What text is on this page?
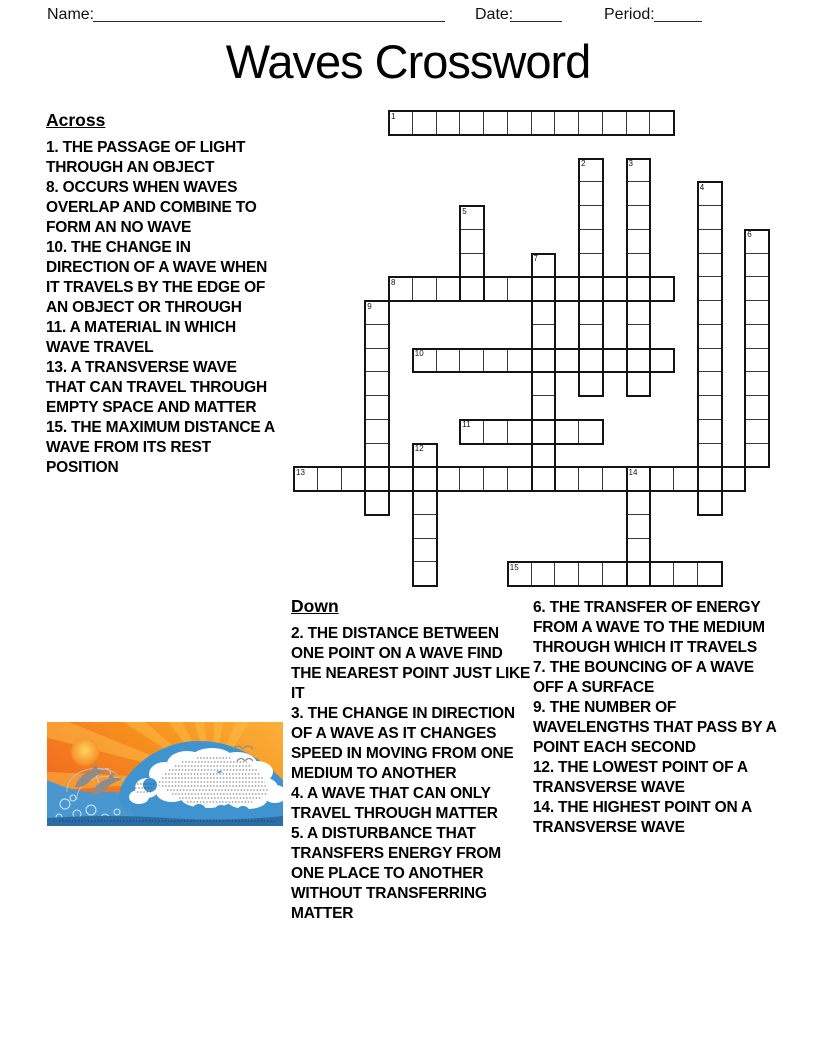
Name:	Date:	Period:
Waves Crossword
Across

1. THE PASSAGE OF LIGHT THROUGH AN OBJECT

8. OCCURS WHEN WAVES OVERLAP AND COMBINE TO FORM AN NO WAVE

10. THE CHANGE IN DIRECTION OF A WAVE WHEN IT TRAVELS BY THE EDGE OF AN OBJECT OR THROUGH

11. A MATERIAL IN WHICH WAVE TRAVEL

13. A TRANSVERSE WAVE THAT CAN TRAVEL THROUGH EMPTY SPACE AND MATTER

15. THE MAXIMUM DISTANCE A WAVE FROM ITS REST POSITION

1
2	3
4
5
6
7
8
9
10
11
12
13	14
15
Down

2. THE DISTANCE BETWEEN ONE POINT ON A WAVE FIND THE NEAREST POINT JUST LIKE IT

3. THE CHANGE IN DIRECTION OF A WAVE AS IT CHANGES SPEED IN MOVING FROM ONE MEDIUM TO ANOTHER

4. A WAVE THAT CAN ONLY TRAVEL THROUGH MATTER

5. A DISTURBANCE THAT TRANSFERS ENERGY FROM ONE PLACE TO ANOTHER WITHOUT TRANSFERRING MATTER

6. THE TRANSFER OF ENERGY FROM A WAVE TO THE MEDIUM THROUGH WHICH IT TRAVELS

7. THE BOUNCING OF A WAVE OFF A SURFACE

9. THE NUMBER OF WAVELENGTHS THAT PASS BY A POINT EACH SECOND

12. THE LOWEST POINT OF A TRANSVERSE WAVE

14. THE HIGHEST POINT ON A TRANSVERSE WAVE
